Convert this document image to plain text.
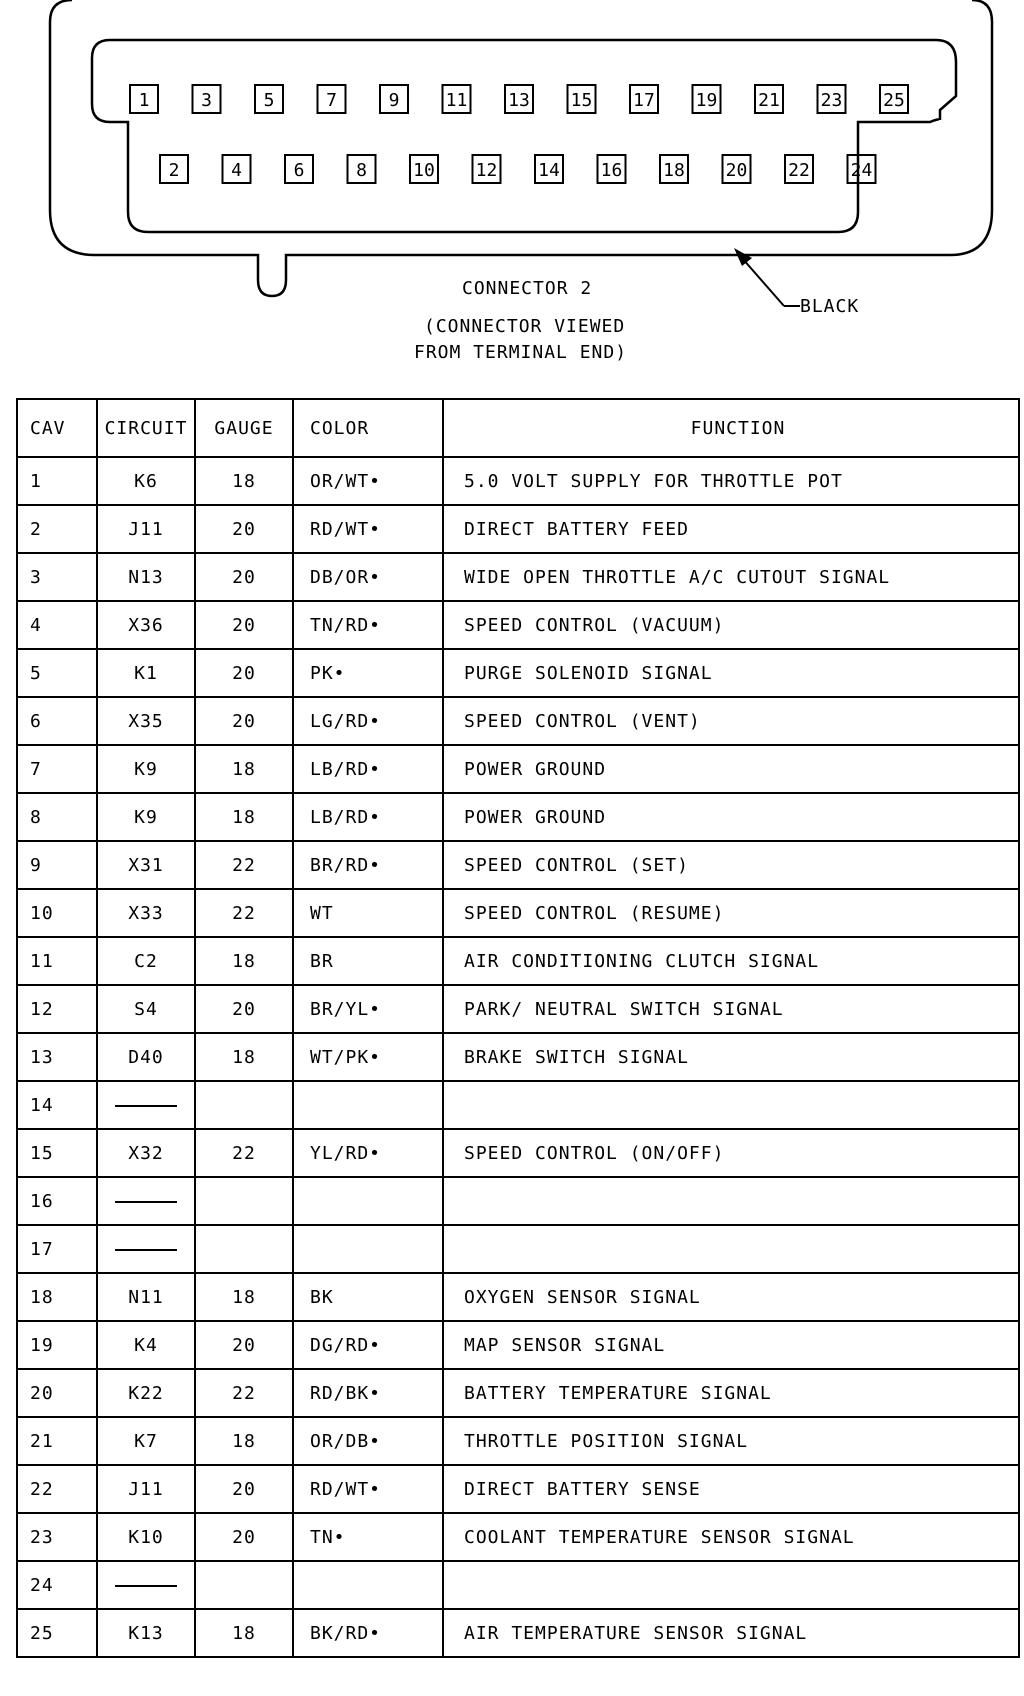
1	3	5	7	9	11 13 15 17 19 21 23 25
2	4	6	8	10 12 14 16 18 20 22 24
CONNECTOR 2
BLACK
(CONNECTOR VIEWED
FROM TERMINAL END)
CAV	CIRCUIT	GAUGE	COLOR	FUNCTION
1	K6	18	OR/WT•	5.0 VOLT SUPPLY FOR THROTTLE POT
2	J11	20	RD/WT•	DIRECT BATTERY FEED
3	N13	20	DB/OR•	WIDE OPEN THROTTLE A/C CUTOUT SIGNAL
4	X36	20	TN/RD•	SPEED CONTROL (VACUUM)
5	K1	20	PK•	PURGE SOLENOID SIGNAL
6	X35	20	LG/RD•	SPEED CONTROL (VENT)
7	K9	18	LB/RD•	POWER GROUND
8	K9	18	LB/RD•	POWER GROUND
9	X31	22	BR/RD•	SPEED CONTROL (SET)
10	X33	22	WT	SPEED CONTROL (RESUME)
11	C2	18	BR	AIR CONDITIONING CLUTCH SIGNAL
12	S4	20	BR/YL•	PARK/ NEUTRAL SWITCH SIGNAL
13	D40	18	WT/PK•	BRAKE SWITCH SIGNAL
14				
15	X32	22	YL/RD•	SPEED CONTROL (ON/OFF)
16				
17				
18	N11	18	BK	OXYGEN SENSOR SIGNAL
19	K4	20	DG/RD•	MAP SENSOR SIGNAL
20	K22	22	RD/BK•	BATTERY TEMPERATURE SIGNAL
21	K7	18	OR/DB•	THROTTLE POSITION SIGNAL
22	J11	20	RD/WT•	DIRECT BATTERY SENSE
23	K10	20	TN•	COOLANT TEMPERATURE SENSOR SIGNAL
24				
25	K13	18	BK/RD•	AIR TEMPERATURE SENSOR SIGNAL
